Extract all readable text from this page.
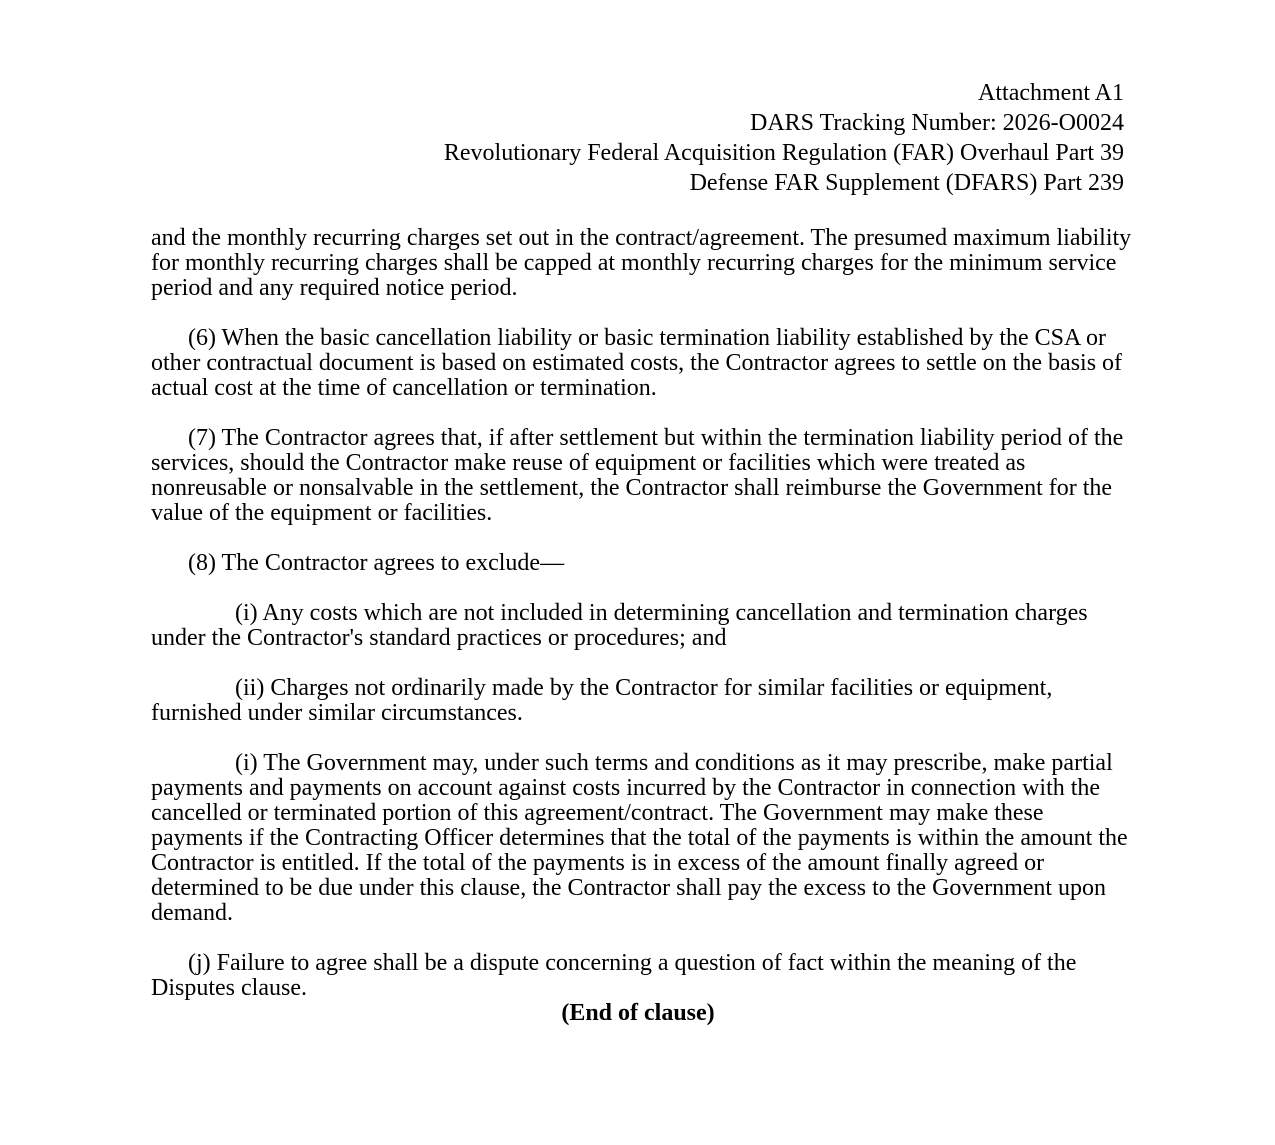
Attachment A1
DARS Tracking Number: 2026-O0024
Revolutionary Federal Acquisition Regulation (FAR) Overhaul Part 39
Defense FAR Supplement (DFARS) Part 239

and the monthly recurring charges set out in the contract/agreement. The presumed maximum liability for monthly recurring charges shall be capped at monthly recurring charges for the minimum service period and any required notice period.

(6) When the basic cancellation liability or basic termination liability established by the CSA or other contractual document is based on estimated costs, the Contractor agrees to settle on the basis of actual cost at the time of cancellation or termination.

(7) The Contractor agrees that, if after settlement but within the termination liability period of the services, should the Contractor make reuse of equipment or facilities which were treated as nonreusable or nonsalvable in the settlement, the Contractor shall reimburse the Government for the value of the equipment or facilities.

(8) The Contractor agrees to exclude—

(i) Any costs which are not included in determining cancellation and termination charges under the Contractor's standard practices or procedures; and

(ii) Charges not ordinarily made by the Contractor for similar facilities or equipment, furnished under similar circumstances.

(i) The Government may, under such terms and conditions as it may prescribe, make partial payments and payments on account against costs incurred by the Contractor in connection with the cancelled or terminated portion of this agreement/contract. The Government may make these payments if the Contracting Officer determines that the total of the payments is within the amount the Contractor is entitled. If the total of the payments is in excess of the amount finally agreed or determined to be due under this clause, the Contractor shall pay the excess to the Government upon demand.

(j) Failure to agree shall be a dispute concerning a question of fact within the meaning of the Disputes clause.

(End of clause)
